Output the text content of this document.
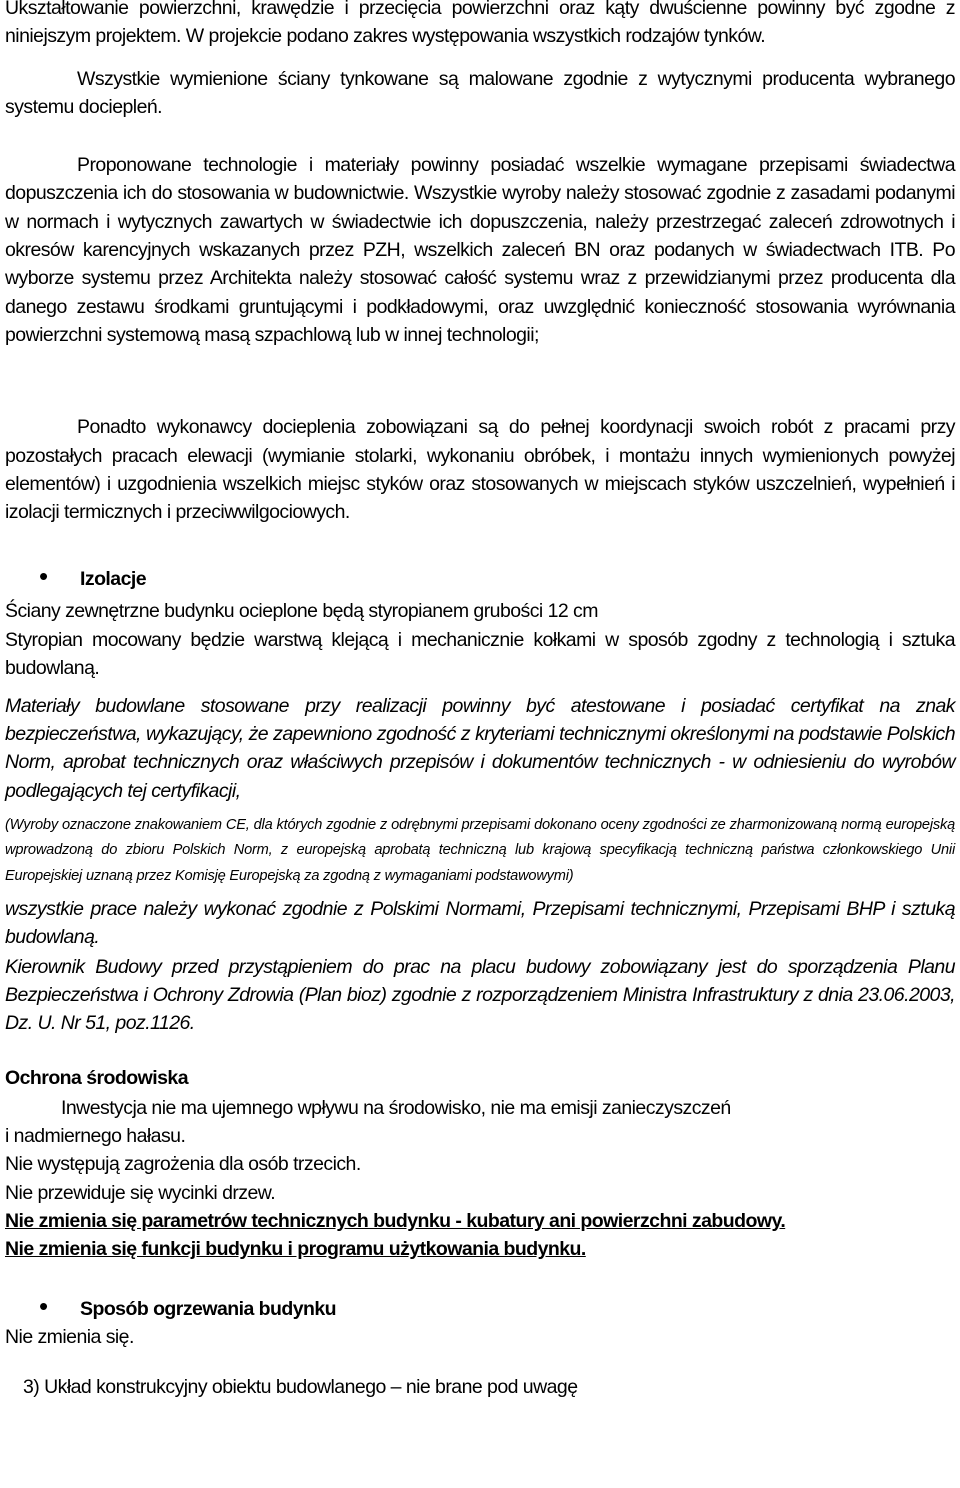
Ukształtowanie powierzchni, krawędzie i przecięcia powierzchni oraz kąty dwuścienne powinny być zgodne z niniejszym projektem. W projekcie podano zakres występowania wszystkich rodzajów tynków.

Wszystkie wymienione ściany tynkowane są malowane zgodnie z wytycznymi producenta wybranego systemu dociepleń.

Proponowane technologie i materiały powinny posiadać wszelkie wymagane przepisami świadectwa dopuszczenia ich do stosowania w budownictwie. Wszystkie wyroby należy stosować zgodnie z zasadami podanymi w normach i wytycznych zawartych w świadectwie ich dopuszczenia, należy przestrzegać zaleceń zdrowotnych i okresów karencyjnych wskazanych przez PZH, wszelkich zaleceń BN oraz podanych w świadectwach ITB. Po wyborze systemu przez Architekta należy stosować całość systemu wraz z przewidzianymi przez producenta dla danego zestawu środkami gruntującymi i podkładowymi, oraz uwzględnić konieczność stosowania wyrównania powierzchni systemową masą szpachlową lub w innej technologii;

Ponadto wykonawcy docieplenia zobowiązani są do pełnej koordynacji swoich robót z pracami przy pozostałych pracach elewacji (wymianie stolarki, wykonaniu obróbek, i montażu innych wymienionych powyżej elementów) i uzgodnienia wszelkich miejsc styków oraz stosowanych w miejscach styków uszczelnień, wypełnień i izolacji termicznych i przeciwwilgociowych.

•	Izolacje

Ściany zewnętrzne budynku ocieplone będą styropianem grubości 12 cm

Styropian mocowany będzie warstwą klejącą i mechanicznie kołkami w sposób zgodny z technologią i sztuka budowlaną.

Materiały budowlane stosowane przy realizacji powinny być atestowane i posiadać certyfikat na znak bezpieczeństwa, wykazujący, że zapewniono zgodność z kryteriami technicznymi określonymi na podstawie Polskich Norm, aprobat technicznych oraz właściwych przepisów i dokumentów technicznych - w odniesieniu do wyrobów podlegających tej certyfikacji,

(Wyroby oznaczone znakowaniem CE, dla których zgodnie z odrębnymi przepisami dokonano oceny zgodności ze zharmonizowaną normą europejską wprowadzoną do zbioru Polskich Norm, z europejską aprobatą techniczną lub krajową specyfikacją techniczną państwa członkowskiego Unii Europejskiej uznaną przez Komisję Europejską za zgodną z wymaganiami podstawowymi)

wszystkie prace należy wykonać zgodnie z Polskimi Normami, Przepisami technicznymi, Przepisami BHP i sztuką budowlaną.

Kierownik Budowy przed przystąpieniem do prac na placu budowy zobowiązany jest do sporządzenia Planu Bezpieczeństwa i Ochrony Zdrowia (Plan bioz) zgodnie z rozporządzeniem Ministra Infrastruktury z dnia 23.06.2003, Dz. U. Nr 51, poz.1126.

Ochrona środowiska

Inwestycja nie ma ujemnego wpływu na środowisko, nie ma emisji zanieczyszczeń

i nadmiernego hałasu.

Nie występują zagrożenia dla osób trzecich.

Nie przewiduje się wycinki drzew.

Nie zmienia się parametrów technicznych budynku - kubatury ani powierzchni zabudowy.

Nie zmienia się funkcji budynku i programu użytkowania budynku.

•	Sposób ogrzewania budynku

Nie zmienia się.

3) Układ konstrukcyjny obiektu budowlanego – nie brane pod uwagę
